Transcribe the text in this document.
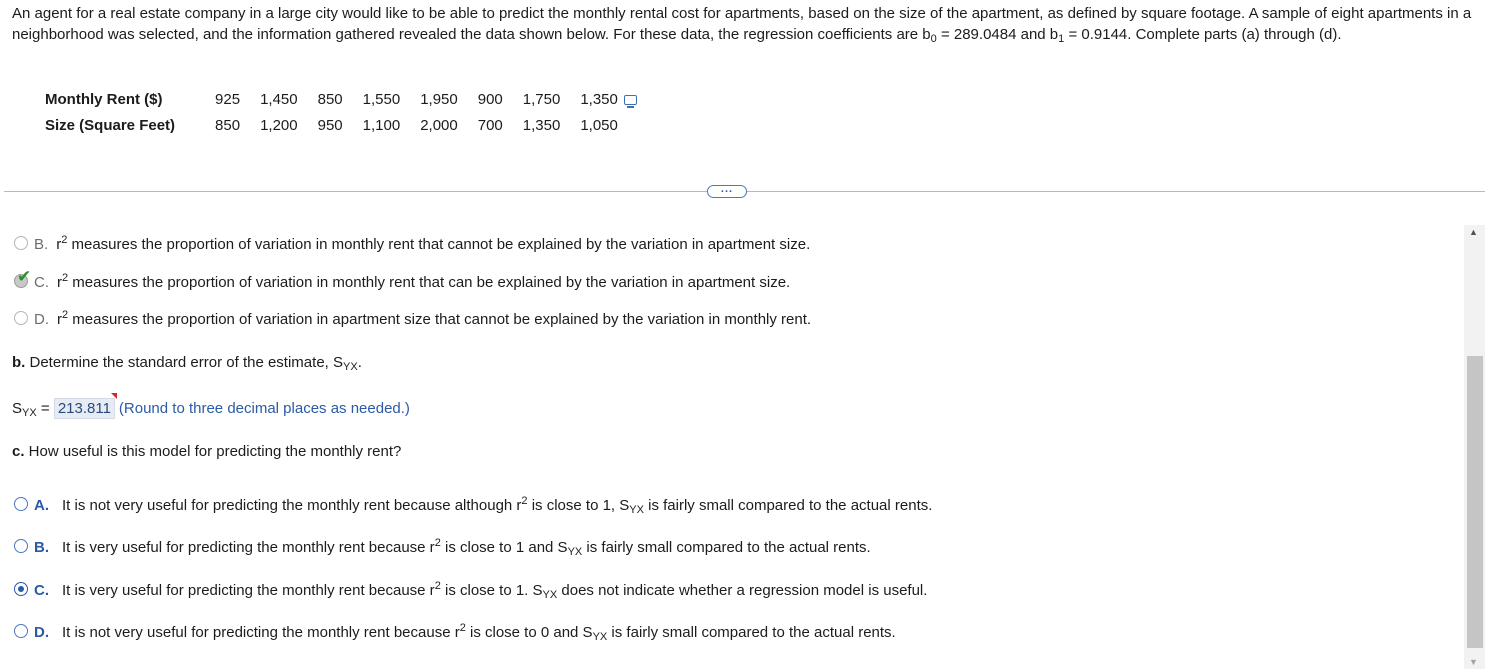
An agent for a real estate company in a large city would like to be able to predict the monthly rental cost for apartments, based on the size of the apartment, as defined by square footage. A sample of eight apartments in a neighborhood was selected, and the information gathered revealed the data shown below. For these data, the regression coefficients are $b_0 = 289.0484$ and $b_1 = 0.9144$. Complete parts (a) through (d).
Monthly Rent ($)	925	1,450	850	1,550	1,950	900	1,750	1,350
Size (Square Feet)	850	1,200	950	1,100	2,000	700	1,350	1,050
...
B. $r^2$ measures the proportion of variation in monthly rent that cannot be explained by the variation in apartment size.
✔ C. $r^2$ measures the proportion of variation in monthly rent that can be explained by the variation in apartment size.
D. $r^2$ measures the proportion of variation in apartment size that cannot be explained by the variation in monthly rent.
b. Determine the standard error of the estimate, $S_{YX}$.
$S_{YX} = 213.811$ (Round to three decimal places as needed.)
c. How useful is this model for predicting the monthly rent?
A. It is not very useful for predicting the monthly rent because although $r^2$ is close to 1, $S_{YX}$ is fairly small compared to the actual rents.
B. It is very useful for predicting the monthly rent because $r^2$ is close to 1 and $S_{YX}$ is fairly small compared to the actual rents.
C. It is very useful for predicting the monthly rent because $r^2$ is close to 1. $S_{YX}$ does not indicate whether a regression model is useful.
D. It is not very useful for predicting the monthly rent because $r^2$ is close to 0 and $S_{YX}$ is fairly small compared to the actual rents.
▲
▼
